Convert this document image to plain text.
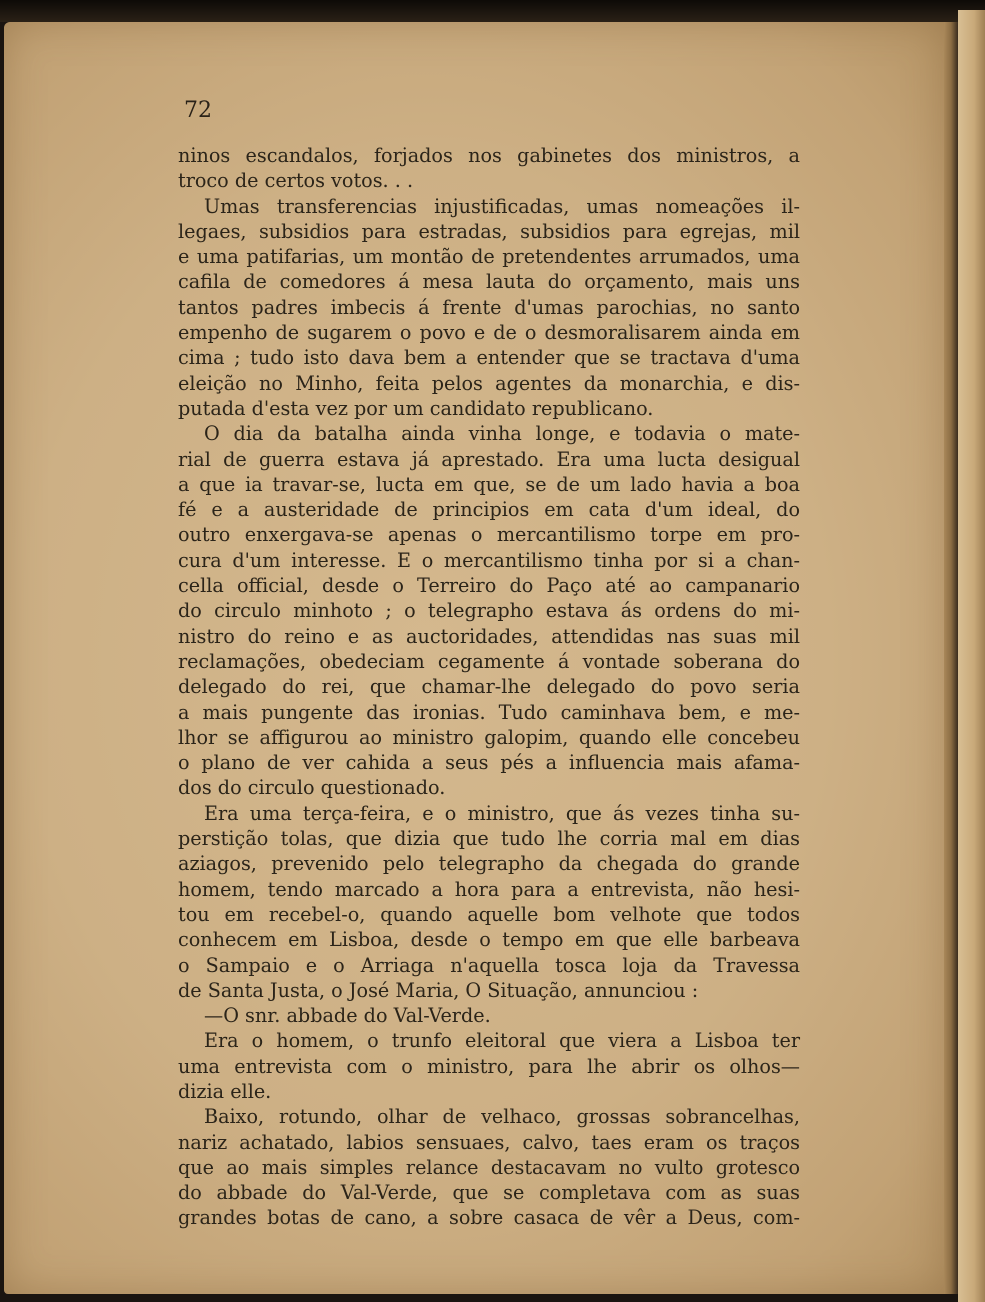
72
ninos escandalos, forjados nos gabinetes dos ministros, a
troco de certos votos. . .
Umas transferencias injustificadas, umas nomeações il-
legaes, subsidios para estradas, subsidios para egrejas, mil
e uma patifarias, um montão de pretendentes arrumados, uma
cafila de comedores á mesa lauta do orçamento, mais uns
tantos padres imbecis á frente d'umas parochias, no santo
empenho de sugarem o povo e de o desmoralisarem ainda em
cima ; tudo isto dava bem a entender que se tractava d'uma
eleição no Minho, feita pelos agentes da monarchia, e dis-
putada d'esta vez por um candidato republicano.
O dia da batalha ainda vinha longe, e todavia o mate-
rial de guerra estava já aprestado. Era uma lucta desigual
a que ia travar-se, lucta em que, se de um lado havia a boa
fé e a austeridade de principios em cata d'um ideal, do
outro enxergava-se apenas o mercantilismo torpe em pro-
cura d'um interesse. E o mercantilismo tinha por si a chan-
cella official, desde o Terreiro do Paço até ao campanario
do circulo minhoto ; o telegrapho estava ás ordens do mi-
nistro do reino e as auctoridades, attendidas nas suas mil
reclamações, obedeciam cegamente á vontade soberana do
delegado do rei, que chamar-lhe delegado do povo seria
a mais pungente das ironias. Tudo caminhava bem, e me-
lhor se affigurou ao ministro galopim, quando elle concebeu
o plano de ver cahida a seus pés a influencia mais afama-
dos do circulo questionado.
Era uma terça-feira, e o ministro, que ás vezes tinha su-
perstição tolas, que dizia que tudo lhe corria mal em dias
aziagos, prevenido pelo telegrapho da chegada do grande
homem, tendo marcado a hora para a entrevista, não hesi-
tou em recebel-o, quando aquelle bom velhote que todos
conhecem em Lisboa, desde o tempo em que elle barbeava
o Sampaio e o Arriaga n'aquella tosca loja da Travessa
de Santa Justa, o José Maria, O Situação, annunciou :
—O snr. abbade do Val-Verde.
Era o homem, o trunfo eleitoral que viera a Lisboa ter
uma entrevista com o ministro, para lhe abrir os olhos—
dizia elle.
Baixo, rotundo, olhar de velhaco, grossas sobrancelhas,
nariz achatado, labios sensuaes, calvo, taes eram os traços
que ao mais simples relance destacavam no vulto grotesco
do abbade do Val-Verde, que se completava com as suas
grandes botas de cano, a sobre casaca de vêr a Deus, com-
